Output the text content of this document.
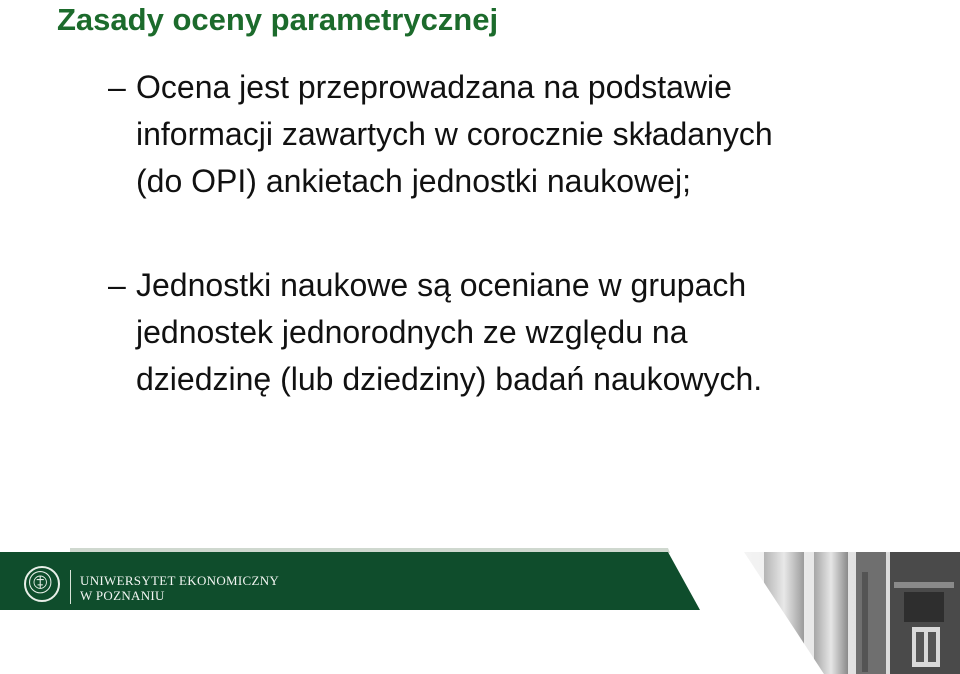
Zasady oceny parametrycznej
– Ocena jest przeprowadzana na podstawie
informacji zawartych w corocznie składanych
(do OPI) ankietach jednostki naukowej;
– Jednostki naukowe są oceniane w grupach
jednostek jednorodnych ze względu na
dziedzinę (lub dziedziny) badań naukowych.
UNIWERSYTET EKONOMICZNY
W POZNANIU
